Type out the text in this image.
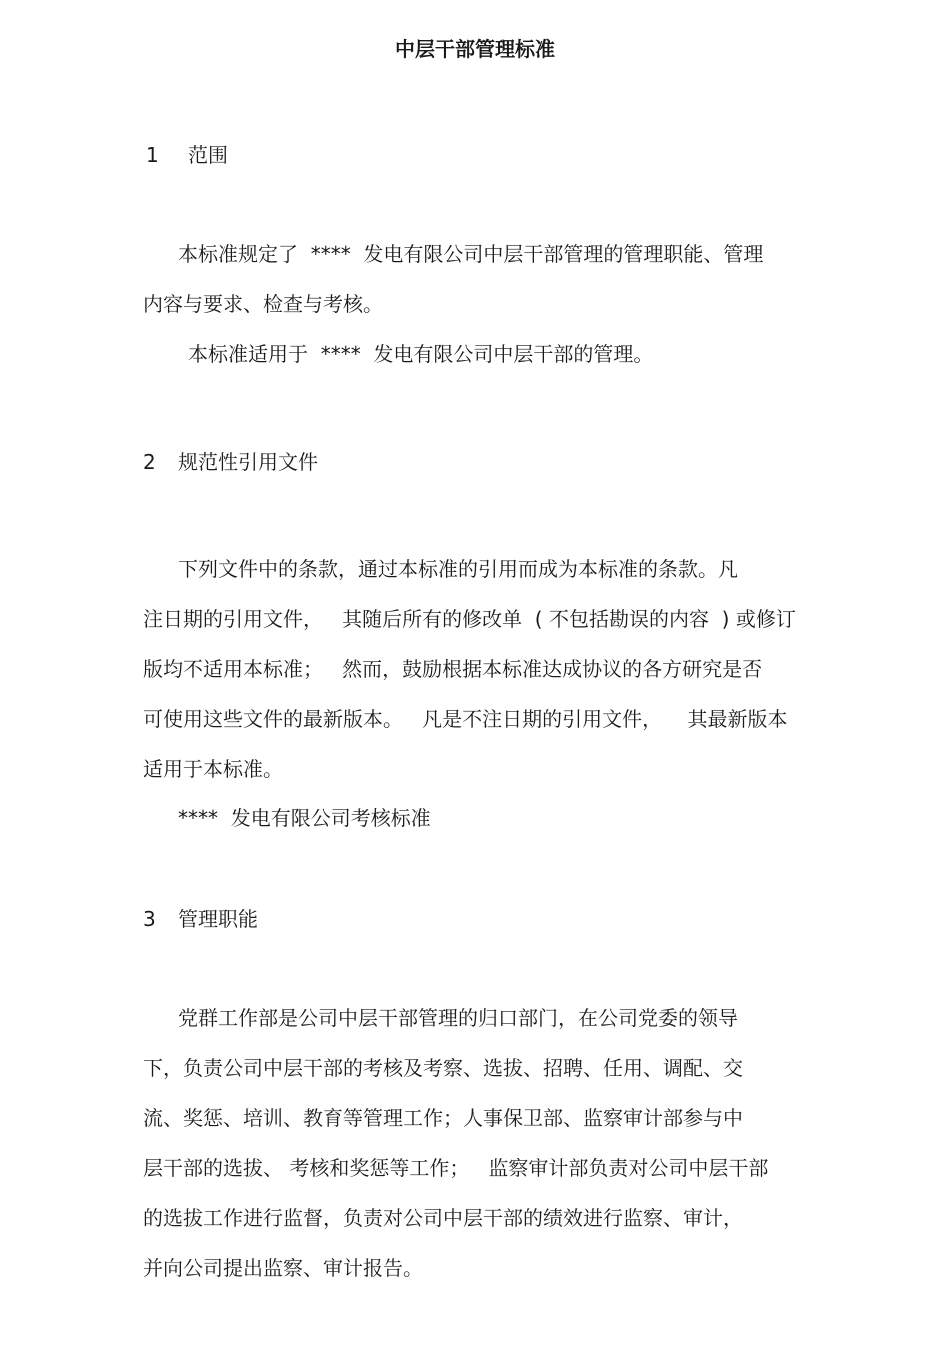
中层干部管理标准
1 范围

本标准规定了  ****  发电有限公司中层干部管理的管理职能、管理

内容与要求、检查与考核。

本标准适用于  ****  发电有限公司中层干部的管理。

2 规范性引用文件

下列文件中的条款，通过本标准的引用而成为本标准的条款。凡

注日期的引用文件，   其随后所有的修改单  ( 不包括勘误的内容  ) 或修订

版均不适用本标准；   然而，鼓励根据本标准达成协议的各方研究是否

可使用这些文件的最新版本。   凡是不注日期的引用文件，    其最新版本

适用于本标准。

****  发电有限公司考核标准

3 管理职能

党群工作部是公司中层干部管理的归口部门，在公司党委的领导

下，负责公司中层干部的考核及考察、选拔、招聘、任用、调配、交

流、奖惩、培训、教育等管理工作；人事保卫部、监察审计部参与中

层干部的选拔、 考核和奖惩等工作；   监察审计部负责对公司中层干部

的选拔工作进行监督，负责对公司中层干部的绩效进行监察、审计，

并向公司提出监察、审计报告。
